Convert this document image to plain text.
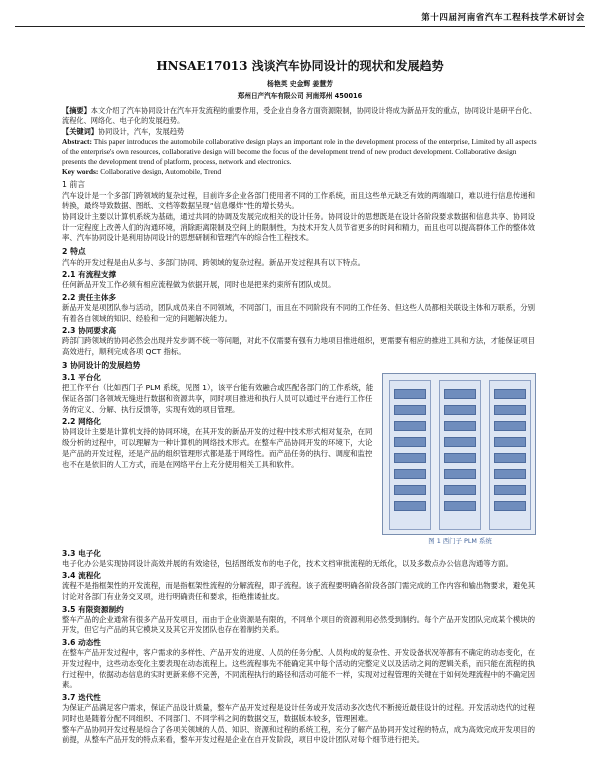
第十四届河南省汽车工程科技学术研讨会
HNSAE17013 浅谈汽车协同设计的现状和发展趋势
杨艳英 史金辉 姜慧芳
郑州日产汽车有限公司 河南郑州 450016

【摘要】本文介绍了汽车协同设计在汽车开发流程的重要作用，受企业自身各方面资源限制，协同设计将成为新品开发的重点，协同设计是研平台化、流程化、网络化、电子化的发展趋势。

【关键词】协同设计，汽车，发展趋势

Abstract: This paper introduces the automobile collaborative design plays an important role in the development process of the enterprise, Limited by all aspects of the enterprise's own resources, collaborative design will become the focus of the development trend of new product development. Collaborative design presents the development trend of platform, process, network and electronics.

Key words: Collaborative design, Automobile, Trend

1 前言

汽车设计是一个多部门跨领域的复杂过程，目前许多企业各部门使用者不同的工作系统，而且这些单元缺乏有效的两端端口，难以进行信息传递和转换，最终导致数据、图纸、文档等数据呈现“信息爆炸”性的增长势头。

协同设计主要以计算机系统为基础，通过共同的协调及发展完成相关的设计任务。协同设计的思想既是在设计各阶段要求数据和信息共享、协同设计一定程度上改善人们的沟通环境，消除距离限制及空间上的限制性，为技术开发人员节省更多的时间和精力，而且也可以提高群体工作的整体效率、汽车协同设计是利用协同设计的思想研制和管理汽车的综合性工程技术。

2 特点

汽车的开发过程是由从多与、多部门协同、跨领域的复杂过程。新品开发过程具有以下特点。

2.1 有流程支撑

任何新品开发工作必须有相应流程做为依据开展，同时也是把来约束所有团队成员。

2.2 责任主体多

新品开发是项团队参与活动，团队成员来自不同领域，不同部门，而且在不同阶段有不同的工作任务、但这些人员都相关联设主体和万联系，分别有着各自领域的知识、经验和一定的问题解决能力。

2.3 协同要求高

跨部门跨领域的协同必然会出现并发步调不统一等问题，对此不仅需要有强有力地项目推进组织，更需要有相应的推进工具和方法，才能保证项目高效进行，顺利完成各项 QCT 指标。

3 协同设计的发展趋势
3.1 平台化

把工作平台（比如西门子 PLM 系统，见图 1），该平台能有效融合或匹配各部门的工作系统，能保证各部门各领域无缝进行数据和资源共享，同时项目推进和执行人员可以通过平台进行工作任务的定义、分解、执行反馈等，实现有效的项目管理。

2.2 网络化

协同设计主要是计算机支持的协同环境，在其开发的新品开发的过程中技术形式相对复杂，在同级分析的过程中，可以理解为一种计算机的网络技术形式。在整车产品协同开发的环境下，大论是产品的开发过程，还是产品的组织管理形式都是基于网络性。而产品任务的执行、调度和监控也不在是依旧的人工方式，而是在网络平台上充分使用相关工具和软件。

图 1 西门子 PLM 系统
3.3 电子化

电子化办公是实现协同设计高效并展的有效途径，包括图纸发布的电子化，技术文档审批流程的无纸化，以及多数点办公信息沟通等方面。

3.4 流程化

流程不是指框架性的开发流程，而是指框架性流程的分解流程，即子流程。该子流程要明确各阶段各部门需完成的工作内容和输出物要求，避免其讨论对各部门有业务交叉项，进行明确责任和要求，拒绝推诿扯皮。

3.5 有限资源制约

整车产品的企业通常有很多产品开发项目，而由于企业资源是有限的，不同单个项目的资源利用必然受到制约。每个产品开发团队完成某个模块的开发，但它与产品的其它模块又及其它开发团队也存在着制约关系。

3.6 动态性

在整车产品开发过程中，客户需求的多样性、产品开发的进度、人员的任务分配、人员构成的复杂性、开发设备状况等都有不确定的动态变化，在开发过程中，这些动态变化主要表现在动态流程上。这些流程事先不能确定其中每个活动的完整定义以及活动之间的逻辑关系，而只能在流程的执行过程中，依据动态信息的实时更新来修不完善，不同流程执行的路径和活动可能不一样，实现对过程管理的关键在于如何处理流程中的不确定因素。

3.7 迭代性

为保证产品满足客户需求，保证产品设计质量，整车产品开发过程是设计任务或开发活动多次迭代不断接近最佳设计的过程。开发活动迭代的过程同时也是随着分配不同组织、不同部门、不同学科之间的数据交互，数据版本较多，管理困难。

整车产品协同开发过程是综合了各项关领域的人员、知识、资源和过程的系统工程，充分了解产品协同开发过程的特点，成为高效完成开发项目的前提，从整车产品开发的特点来看，整车开发过程是企业在自开发阶段，项目中设计团队对每个细节进行把关。
